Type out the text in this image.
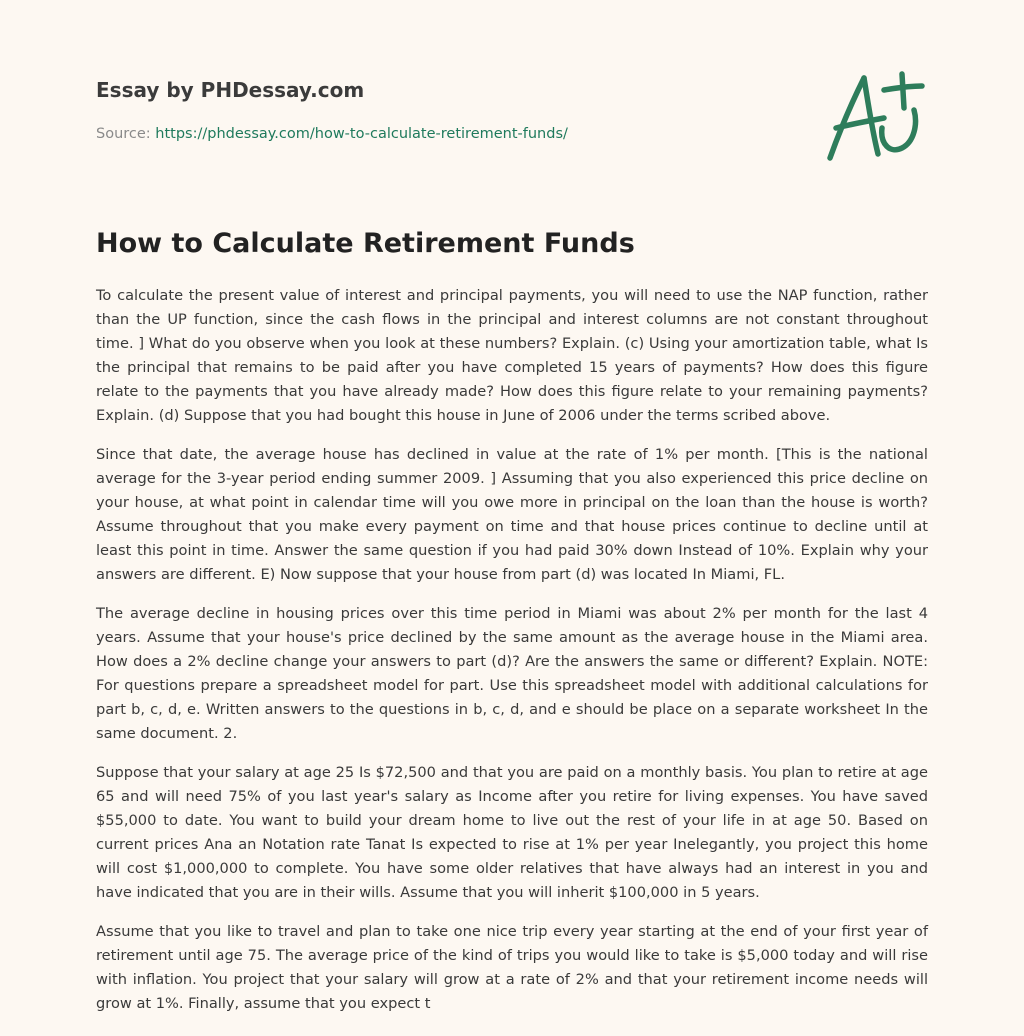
Essay by PHDessay.com
Source: https://phdessay.com/how-to-calculate-retirement-funds/
How to Calculate Retirement Funds

To calculate the present value of interest and principal payments, you will need to use the NAP function, rather than the UP function, since the cash flows in the principal and interest columns are not constant throughout time. ] What do you observe when you look at these numbers? Explain. (c) Using your amortization table, what Is the principal that remains to be paid after you have completed 15 years of payments? How does this figure relate to the payments that you have already made? How does this figure relate to your remaining payments? Explain. (d) Suppose that you had bought this house in June of 2006 under the terms scribed above.

Since that date, the average house has declined in value at the rate of 1% per month. [This is the national average for the 3-year period ending summer 2009. ] Assuming that you also experienced this price decline on your house, at what point in calendar time will you owe more in principal on the loan than the house is worth? Assume throughout that you make every payment on time and that house prices continue to decline until at least this point in time. Answer the same question if you had paid 30% down Instead of 10%. Explain why your answers are different. E) Now suppose that your house from part (d) was located In Miami, FL.

The average decline in housing prices over this time period in Miami was about 2% per month for the last 4 years. Assume that your house's price declined by the same amount as the average house in the Miami area. How does a 2% decline change your answers to part (d)? Are the answers the same or different? Explain. NOTE: For questions prepare a spreadsheet model for part. Use this spreadsheet model with additional calculations for part b, c, d, e. Written answers to the questions in b, c, d, and e should be place on a separate worksheet In the same document. 2.

Suppose that your salary at age 25 Is $72,500 and that you are paid on a monthly basis. You plan to retire at age 65 and will need 75% of you last year's salary as Income after you retire for living expenses. You have saved $55,000 to date. You want to build your dream home to live out the rest of your life in at age 50. Based on current prices Ana an Notation rate Tanat Is expected to rise at 1% per year Inelegantly, you project this home will cost $1,000,000 to complete. You have some older relatives that have always had an interest in you and have indicated that you are in their wills. Assume that you will inherit $100,000 in 5 years.

Assume that you like to travel and plan to take one nice trip every year starting at the end of your first year of retirement until age 75. The average price of the kind of trips you would like to take is $5,000 today and will rise with inflation. You project that your salary will grow at a rate of 2% and that your retirement income needs will grow at 1%. Finally, assume that you expect t
